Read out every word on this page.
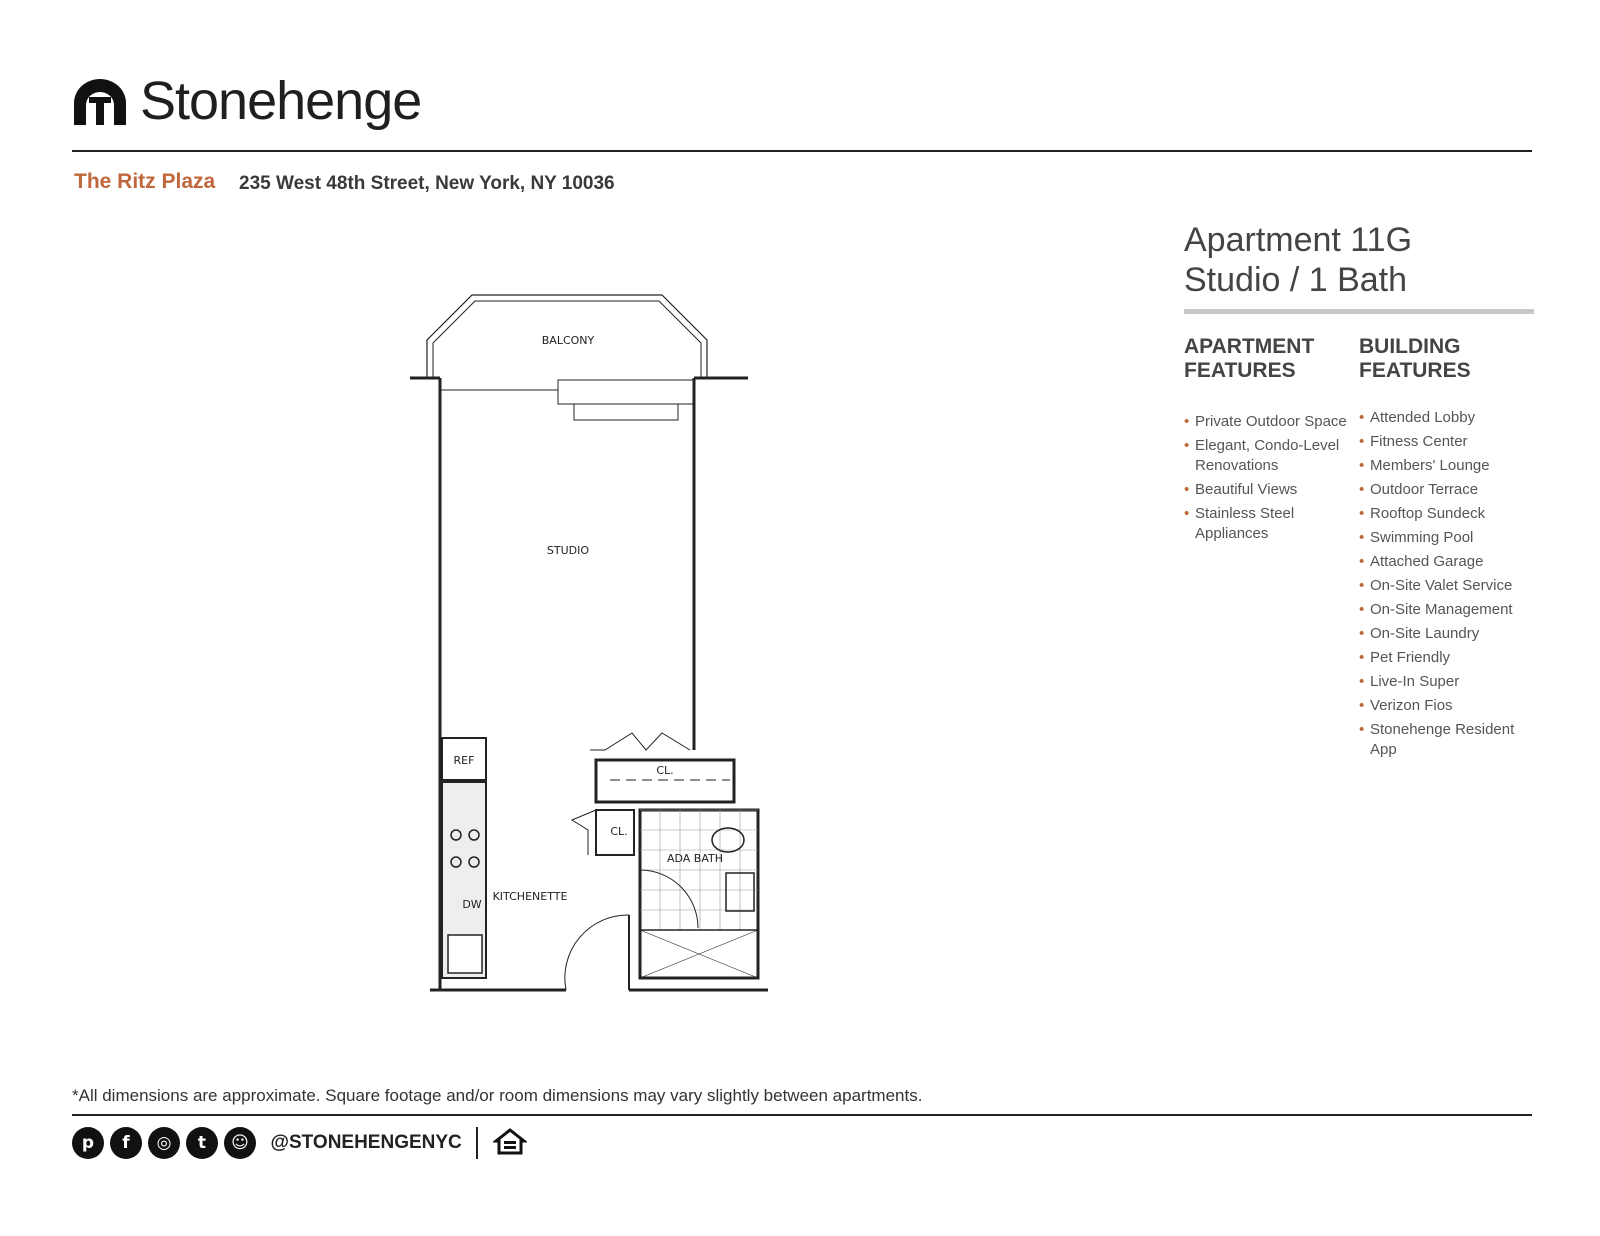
Stonehenge
The Ritz Plaza 235 West 48th Street, New York, NY 10036
Apartment 11G
Studio / 1 Bath
APARTMENT
FEATURES
BUILDING
FEATURES
• Private Outdoor Space
• Elegant, Condo-Level Renovations
• Beautiful Views
• Stainless Steel Appliances
• Attended Lobby
• Fitness Center
• Members' Lounge
• Outdoor Terrace
• Rooftop Sundeck
• Swimming Pool
• Attached Garage
• On-Site Valet Service
• On-Site Management
• On-Site Laundry
• Pet Friendly
• Live-In Super
• Verizon Fios
• Stonehenge Resident App
BALCONY
STUDIO
CL.
CL.
ADA BATH
KITCHENETTE
REF
DW
*All dimensions are approximate. Square footage and/or room dimensions may vary slightly between apartments.
p f ◎ t ☺ @STONEHENGENYC
